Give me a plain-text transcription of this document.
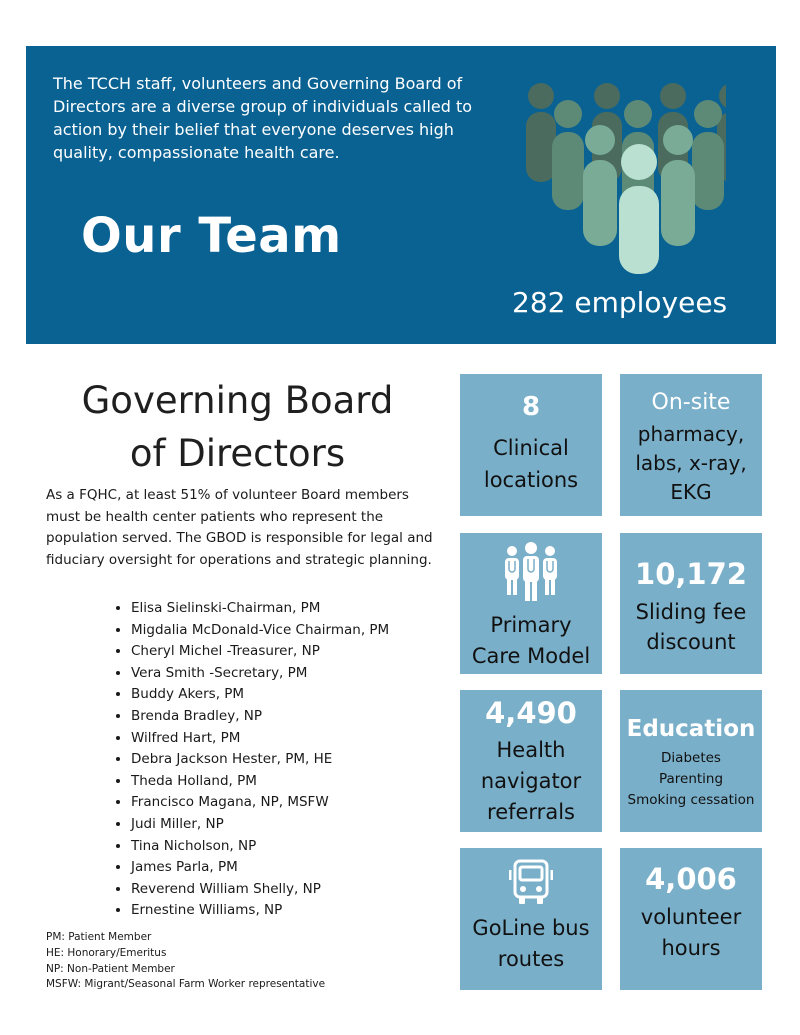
The TCCH staff, volunteers and Governing Board of Directors are a diverse group of individuals called to action by their belief that everyone deserves high quality, compassionate health care.
Our Team
282 employees
Governing Board
of Directors
As a FQHC, at least 51% of volunteer Board members must be health center patients who represent the population served. The GBOD is responsible for legal and fiduciary oversight for operations and strategic planning.
• Elisa Sielinski-Chairman, PM
• Migdalia McDonald-Vice Chairman, PM
• Cheryl Michel -Treasurer, NP
• Vera Smith -Secretary, PM
• Buddy Akers, PM
• Brenda Bradley, NP
• Wilfred Hart, PM
• Debra Jackson Hester, PM, HE
• Theda Holland, PM
• Francisco Magana, NP, MSFW
• Judi Miller, NP
• Tina Nicholson, NP
• James Parla, PM
• Reverend William Shelly, NP
• Ernestine Williams, NP
PM: Patient Member
HE: Honorary/Emeritus
NP: Non-Patient Member
MSFW: Migrant/Seasonal Farm Worker representative
8
Clinical
locations
On-site
pharmacy,
labs, x-ray,
EKG
Primary
Care Model
10,172
Sliding fee
discount
4,490
Health
navigator
referrals
Education
Diabetes
Parenting
Smoking cessation
GoLine bus
routes
4,006
volunteer
hours
